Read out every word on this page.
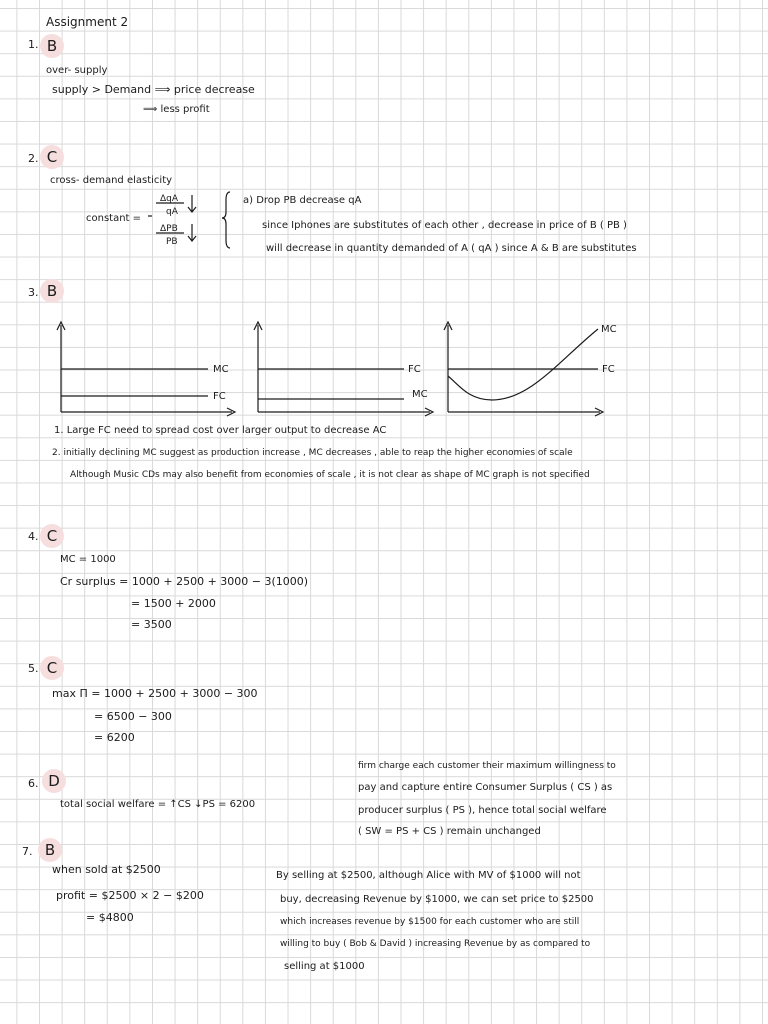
Assignment 2
1. B
over- supply
supply > Demand ⟹ price decrease
⟹ less profit
2. C
cross- demand elasticity
constant =
ΔqA
qA
ΔPB
PB
a) Drop PB decrease qA
since Iphones are substitutes of each other , decrease in price of B ( PB )
will decrease in quantity demanded of A ( qA ) since A & B are substitutes
3. B
MC
FC
FC
MC
MC
FC
1. Large FC need to spread cost over larger output to decrease AC
2. initially declining MC suggest as production increase , MC decreases , able to reap the higher economies of scale
Although Music CDs may also benefit from economies of scale , it is not clear as shape of MC graph is not specified
4. C
MC = 1000
Cr surplus = 1000 + 2500 + 3000 − 3(1000)
= 1500 + 2000
= 3500
5. C
max Π = 1000 + 2500 + 3000 − 300
= 6500 − 300
= 6200
firm charge each customer their maximum willingness to
pay and capture entire Consumer Surplus ( CS ) as
6. D
total social welfare = ↑CS ↓PS = 6200
producer surplus ( PS ), hence total social welfare
( SW = PS + CS ) remain unchanged
7. B
when sold at $2500
profit = $2500 × 2 − $200
= $4800
By selling at $2500, although Alice with MV of $1000 will not
buy, decreasing Revenue by $1000, we can set price to $2500
which increases revenue by $1500 for each customer who are still
willing to buy ( Bob & David ) increasing Revenue by as compared to
selling at $1000
